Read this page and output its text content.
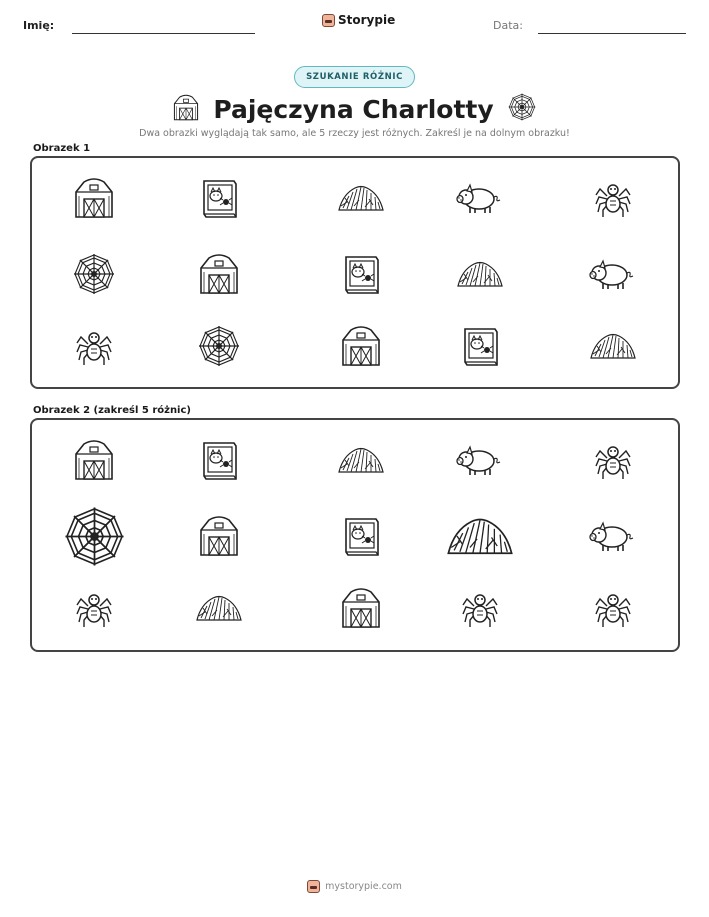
Imię:	Storypie	Data:
SZUKANIE RÓŻNIC
Pajęczyna Charlotty
Dwa obrazki wyglądają tak samo, ale 5 rzeczy jest różnych. Zakreśl je na dolnym obrazku!
Obrazek 1
Obrazek 2 (zakreśl 5 różnic)
mystorypie.com
